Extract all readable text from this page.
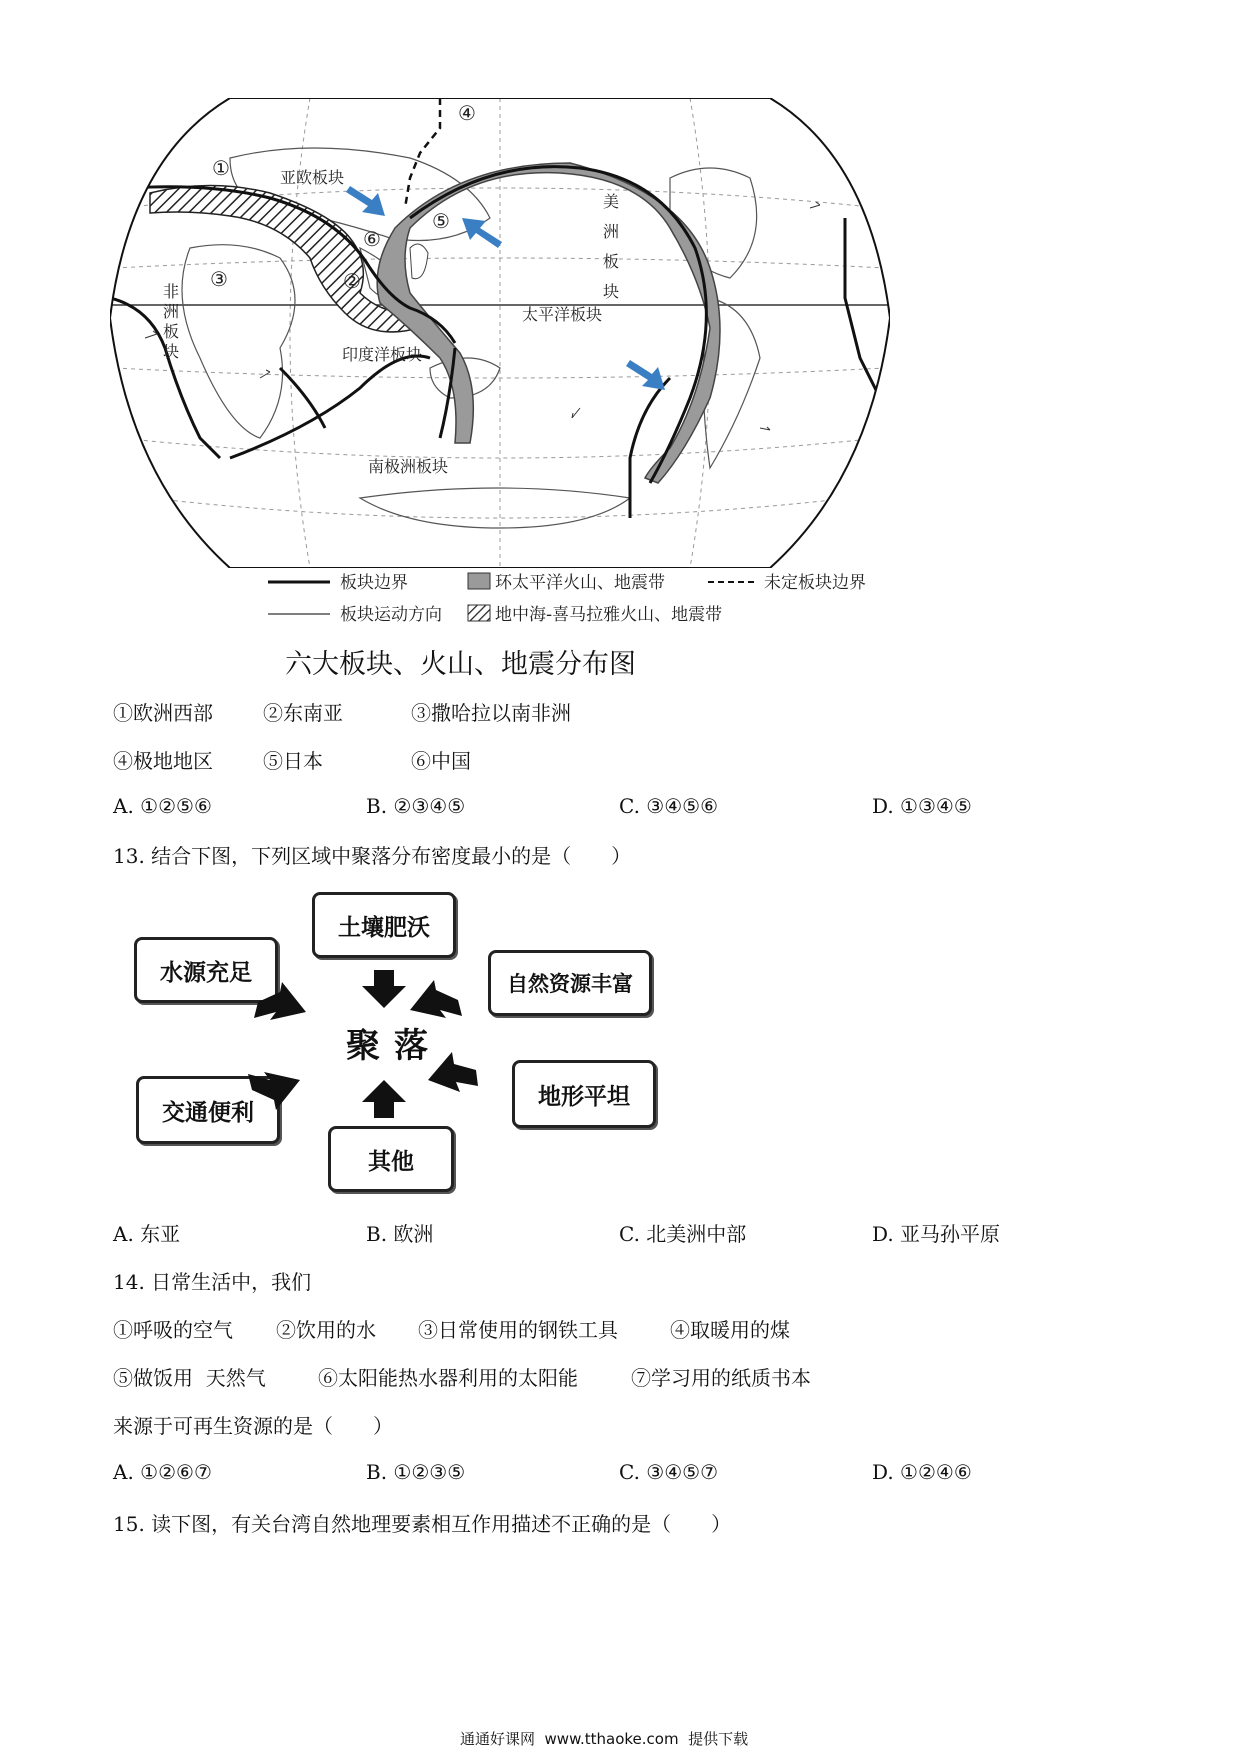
亚欧板块
太平洋板块
印度洋板块
南极洲板块
非洲板块
美洲板块
①
②
③
④
⑤
⑥
板块边界	环太平洋火山、地震带	未定板块边界
板块运动方向	地中海-喜马拉雅火山、地震带
六大板块、火山、地震分布图
①欧洲西部	②东南亚	③撒哈拉以南非洲
④极地地区	⑤日本	⑥中国
A. ①②⑤⑥	B. ②③④⑤	C. ③④⑤⑥	D. ①③④⑤
13. 结合下图，下列区域中聚落分布密度最小的是（　　）
土壤肥沃
水源充足	自然资源丰富
交通便利
地形平坦
其他
聚落
A. 东亚	B. 欧洲	C. 北美洲中部	D. 亚马孙平原
14. 日常生活中，我们
①呼吸的空气 ②饮用的水 ③日常使用的钢铁工具	④取暖用的煤
⑤做饭用  天然气	⑥太阳能热水器利用的太阳能	⑦学习用的纸质书本
来源于可再生资源的是（　　）
A. ①②⑥⑦	B. ①②③⑤	C. ③④⑤⑦	D. ①②④⑥
15. 读下图，有关台湾自然地理要素相互作用描述不正确的是（　　）
通通好课网  www.tthaoke.com  提供下载
